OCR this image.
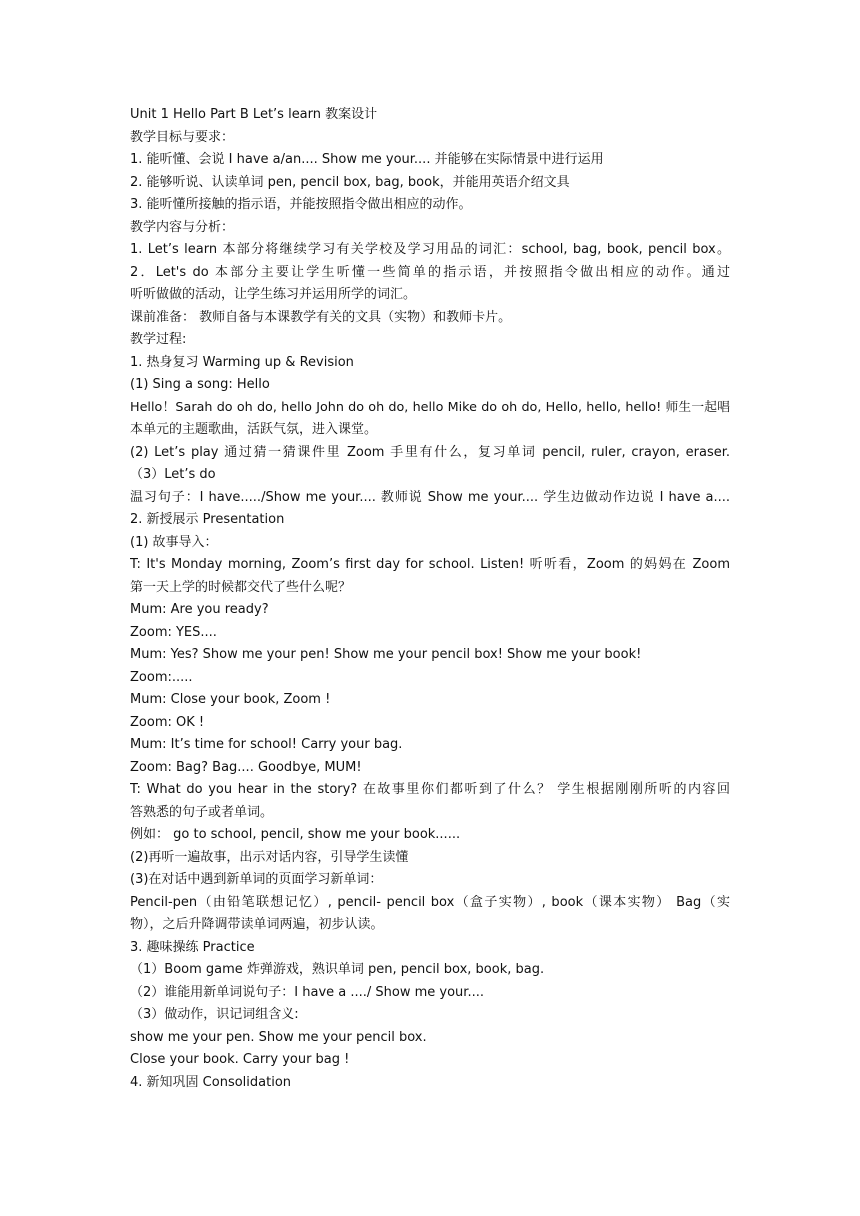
Unit 1 Hello Part B Let’s learn 教案设计
教学目标与要求：
1. 能听懂、会说 I have a/an.... Show me your.... 并能够在实际情景中进行运用
2. 能够听说、认读单词 pen, pencil box, bag, book，并能用英语介绍文具
3. 能听懂所接触的指示语，并能按照指令做出相应的动作。
教学内容与分析：
1. Let’s learn 本部分将继续学习有关学校及学习用品的词汇：school, bag, book, pencil box。
2．Let's do 本部分主要让学生听懂一些简单的指示语，并按照指令做出相应的动作。通过
听听做做的活动，让学生练习并运用所学的词汇。
课前准备： 教师自备与本课教学有关的文具（实物）和教师卡片。
教学过程:
1. 热身复习 Warming up & Revision
(1) Sing a song: Hello
Hello！Sarah do oh do, hello John do oh do, hello Mike do oh do, Hello, hello, hello! 师生一起唱
本单元的主题歌曲，活跃气氛，进入课堂。
(2) Let’s play 通过猜一猜课件里 Zoom 手里有什么，复习单词 pencil, ruler, crayon, eraser.
（3）Let’s do
温习句子：I have...../Show me your.... 教师说 Show me your.... 学生边做动作边说 I have a....
2. 新授展示 Presentation
(1) 故事导入：
T: It's Monday morning, Zoom’s first day for school. Listen! 听听看，Zoom 的妈妈在 Zoom
第一天上学的时候都交代了些什么呢？
Mum: Are you ready?
Zoom: YES....
Mum: Yes? Show me your pen! Show me your pencil box! Show me your book!
Zoom:.....
Mum: Close your book, Zoom !
Zoom: OK !
Mum: It’s time for school! Carry your bag.
Zoom: Bag? Bag.... Goodbye, MUM!
T: What do you hear in the story? 在故事里你们都听到了什么？ 学生根据刚刚所听的内容回
答熟悉的句子或者单词。
例如： go to school, pencil, show me your book......
(2)再听一遍故事，出示对话内容，引导学生读懂
(3)在对话中遇到新单词的页面学习新单词：
Pencil-pen（由铅笔联想记忆）, pencil- pencil box（盒子实物）, book（课本实物） Bag（实
物），之后升降调带读单词两遍，初步认读。
3. 趣味操练 Practice
（1）Boom game 炸弹游戏，熟识单词 pen, pencil box, book, bag.
（2）谁能用新单词说句子：I have a ..../ Show me your....
（3）做动作，识记词组含义:
show me your pen. Show me your pencil box.
Close your book. Carry your bag !
4. 新知巩固 Consolidation
